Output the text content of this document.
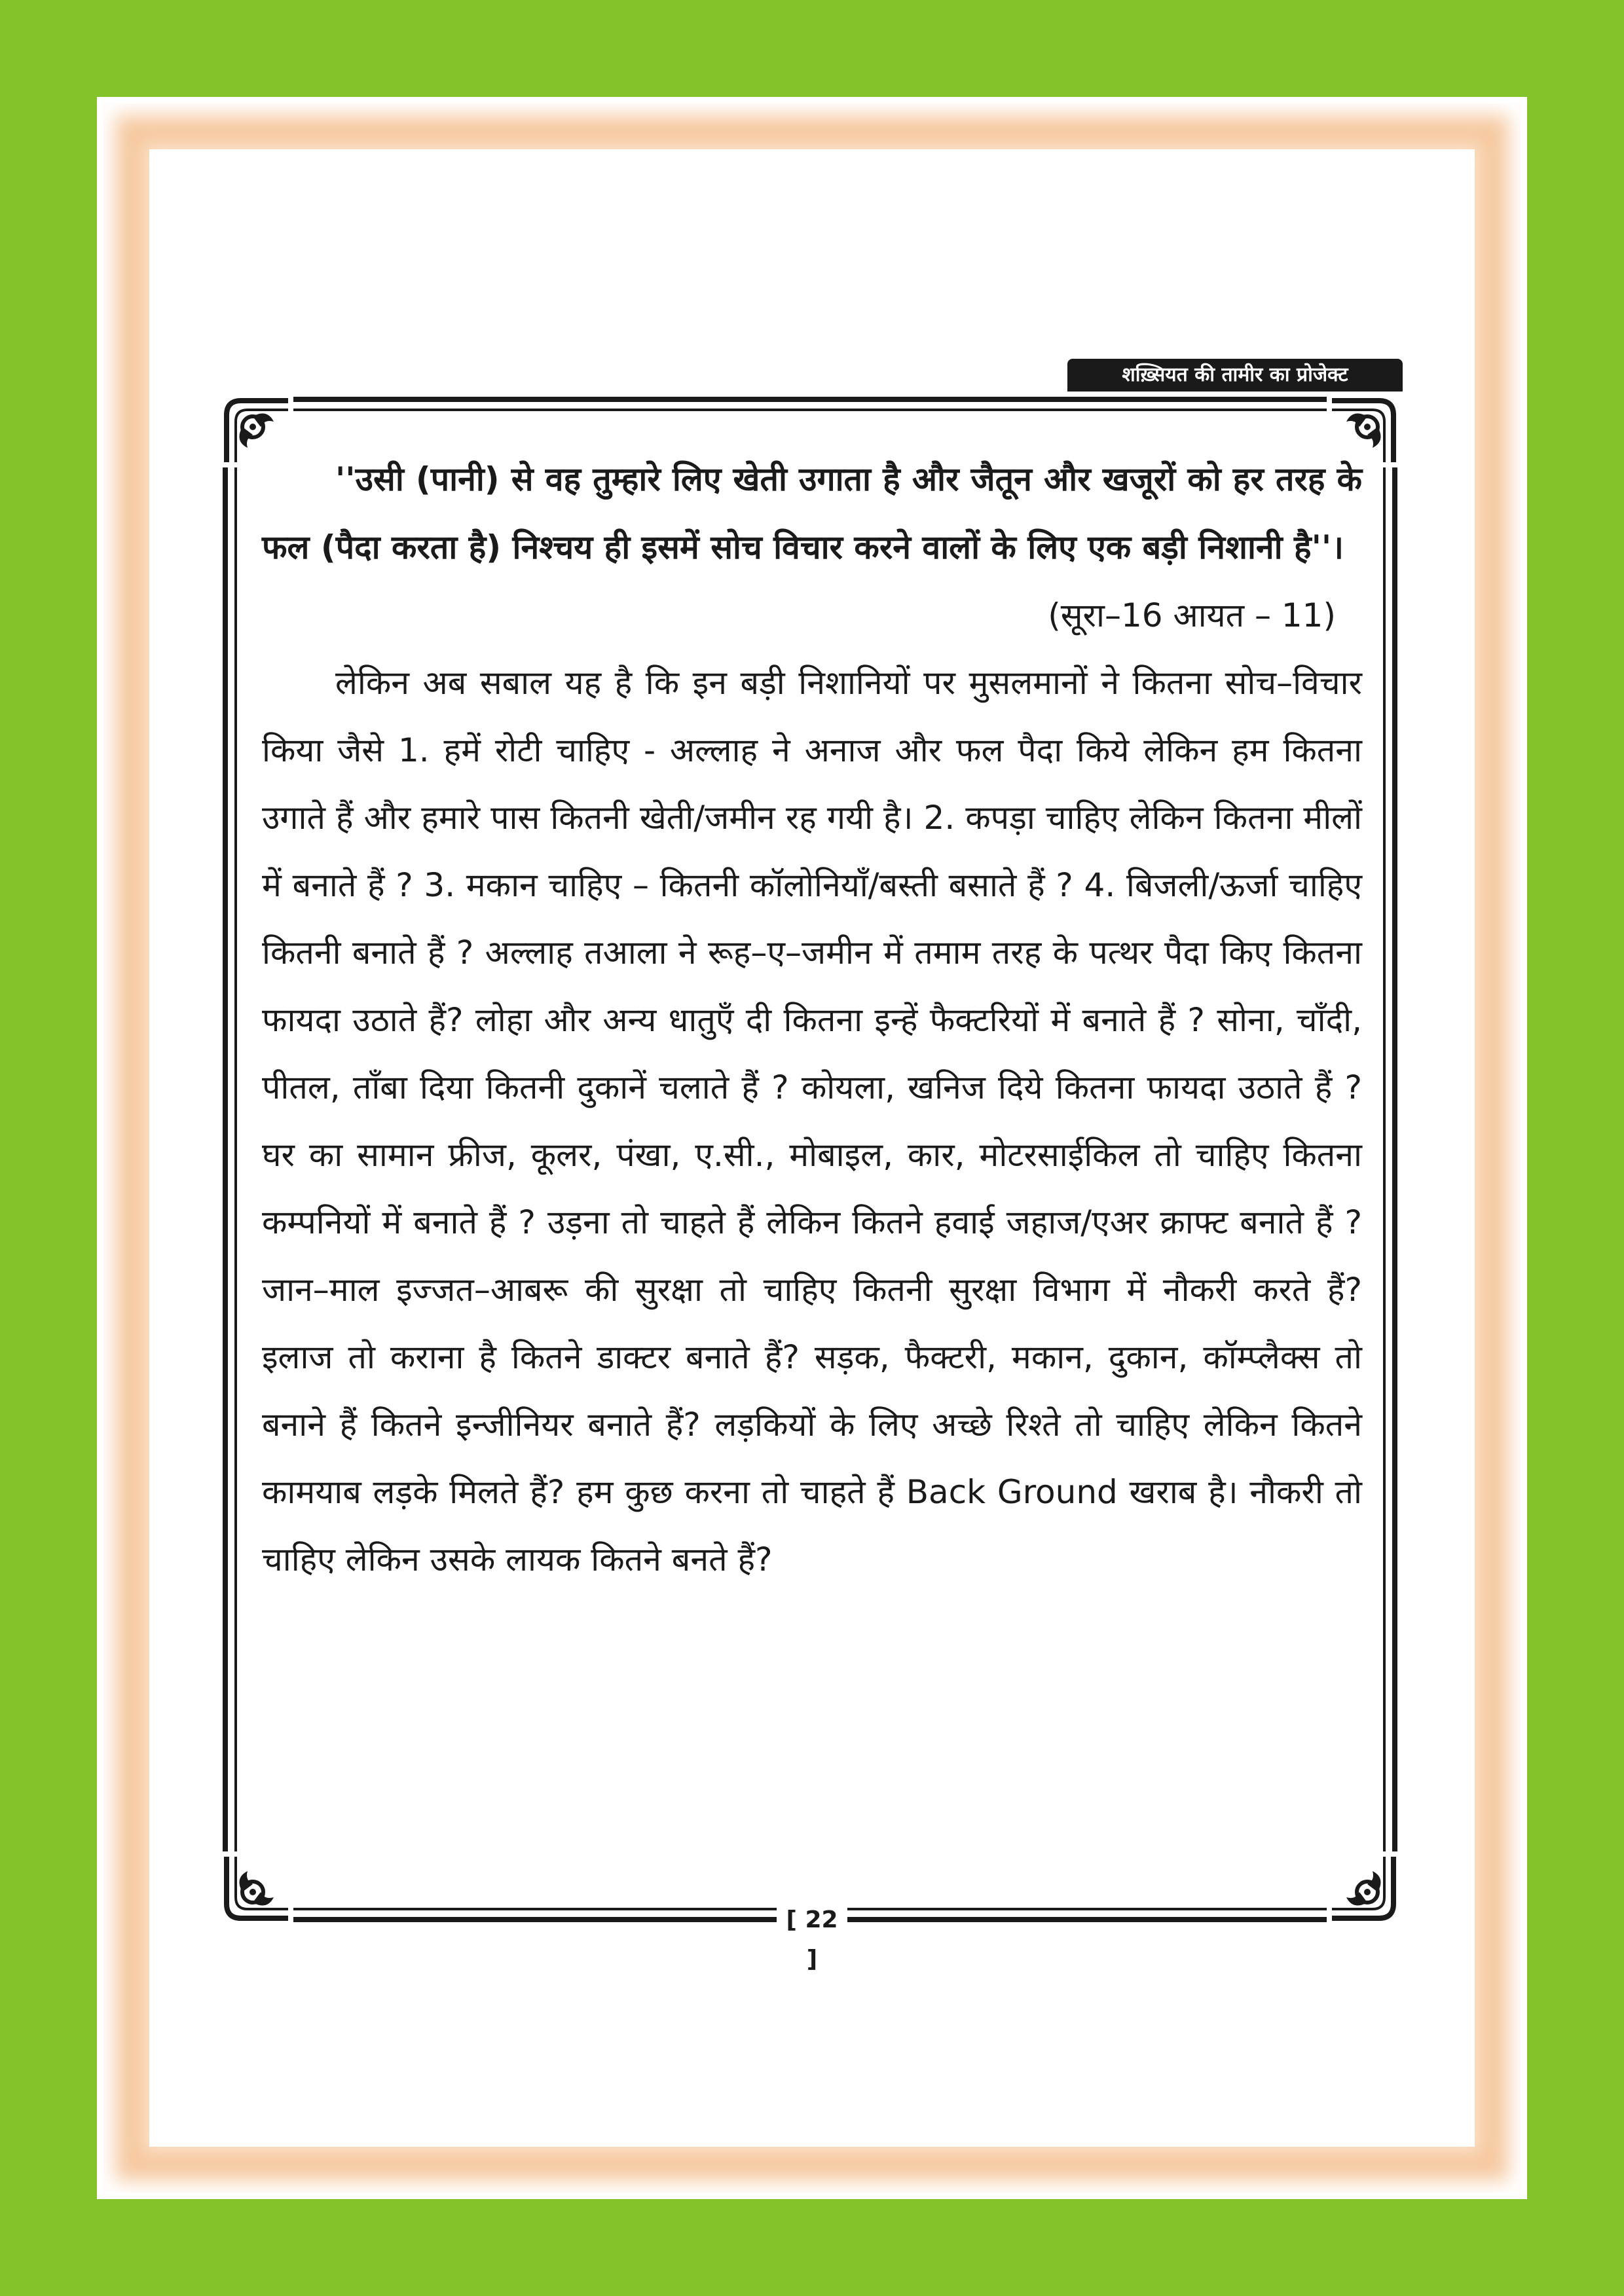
शख़्सियत की तामीर का प्रोजेक्ट

''उसी (पानी) से वह तुम्हारे लिए खेती उगाता है और जैतून और खजूरों को हर तरह के फल (पैदा करता है) निश्चय ही इसमें सोच विचार करने वालों के लिए एक बड़ी निशानी है''।

(सूरा–16 आयत – 11)

लेकिन अब सबाल यह है कि इन बड़ी निशानियों पर मुसलमानों ने कितना सोच–विचार किया जैसे 1. हमें रोटी चाहिए - अल्लाह ने अनाज और फल पैदा किये लेकिन हम कितना उगाते हैं और हमारे पास कितनी खेती/जमीन रह गयी है। 2. कपड़ा चाहिए लेकिन कितना मीलों में बनाते हैं ? 3. मकान चाहिए – कितनी कॉलोनियाँ/बस्ती बसाते हैं ? 4. बिजली/ऊर्जा चाहिए कितनी बनाते हैं ? अल्लाह तआला ने रूह–ए–जमीन में तमाम तरह के पत्थर पैदा किए कितना फायदा उठाते हैं? लोहा और अन्य धातुएँ दी कितना इन्हें फैक्टरियों में बनाते हैं ? सोना, चाँदी, पीतल, ताँबा दिया कितनी दुकानें चलाते हैं ? कोयला, खनिज दिये कितना फायदा उठाते हैं ? घर का सामान फ्रीज, कूलर, पंखा, ए.सी., मोबाइल, कार, मोटरसाईकिल तो चाहिए कितना कम्पनियों में बनाते हैं ? उड़ना तो चाहते हैं लेकिन कितने हवाई जहाज/एअर क्राफ्ट बनाते हैं ? जान–माल इज्जत–आबरू की सुरक्षा तो चाहिए कितनी सुरक्षा विभाग में नौकरी करते हैं? इलाज तो कराना है कितने डाक्टर बनाते हैं? सड़क, फैक्टरी, मकान, दुकान, कॉम्प्लैक्स तो बनाने हैं कितने इन्जीनियर बनाते हैं? लड़कियों के लिए अच्छे रिश्ते तो चाहिए लेकिन कितने कामयाब लड़के मिलते हैं? हम कुछ करना तो चाहते हैं Back Ground खराब है। नौकरी तो चाहिए लेकिन उसके लायक कितने बनते हैं?

[ 22 ]
